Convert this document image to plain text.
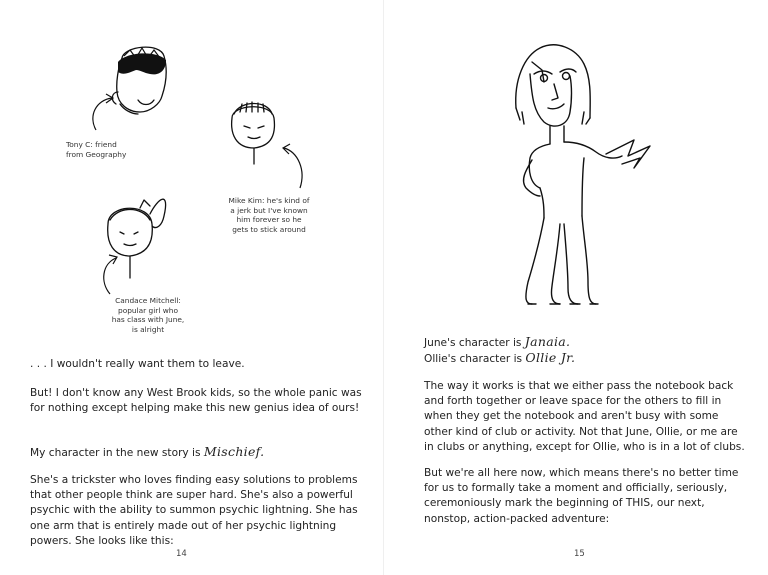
Tony C: friend
from Geography
Mike Kim: he's kind of
a jerk but I've known
him forever so he
gets to stick around
Candace Mitchell:
popular girl who
has class with June,
is alright

. . . I wouldn't really want them to leave.

But! I don't know any West Brook kids, so the whole panic was for nothing except helping make this new genius idea of ours!

My character in the new story is Mischief.

She's a trickster who loves finding easy solutions to problems that other people think are super hard. She's also a powerful psychic with the ability to summon psychic lightning. She has one arm that is entirely made out of her psychic lightning powers. She looks like this:

14

June's character is Janaia.

Ollie's character is Ollie Jr.

The way it works is that we either pass the notebook back and forth together or leave space for the others to fill in when they get the notebook and aren't busy with some other kind of club or activity. Not that June, Ollie, or me are in clubs or anything, except for Ollie, who is in a lot of clubs.

But we're all here now, which means there's no better time for us to formally take a moment and officially, seriously, ceremoniously mark the beginning of THIS, our next, nonstop, action-packed adventure:

15
